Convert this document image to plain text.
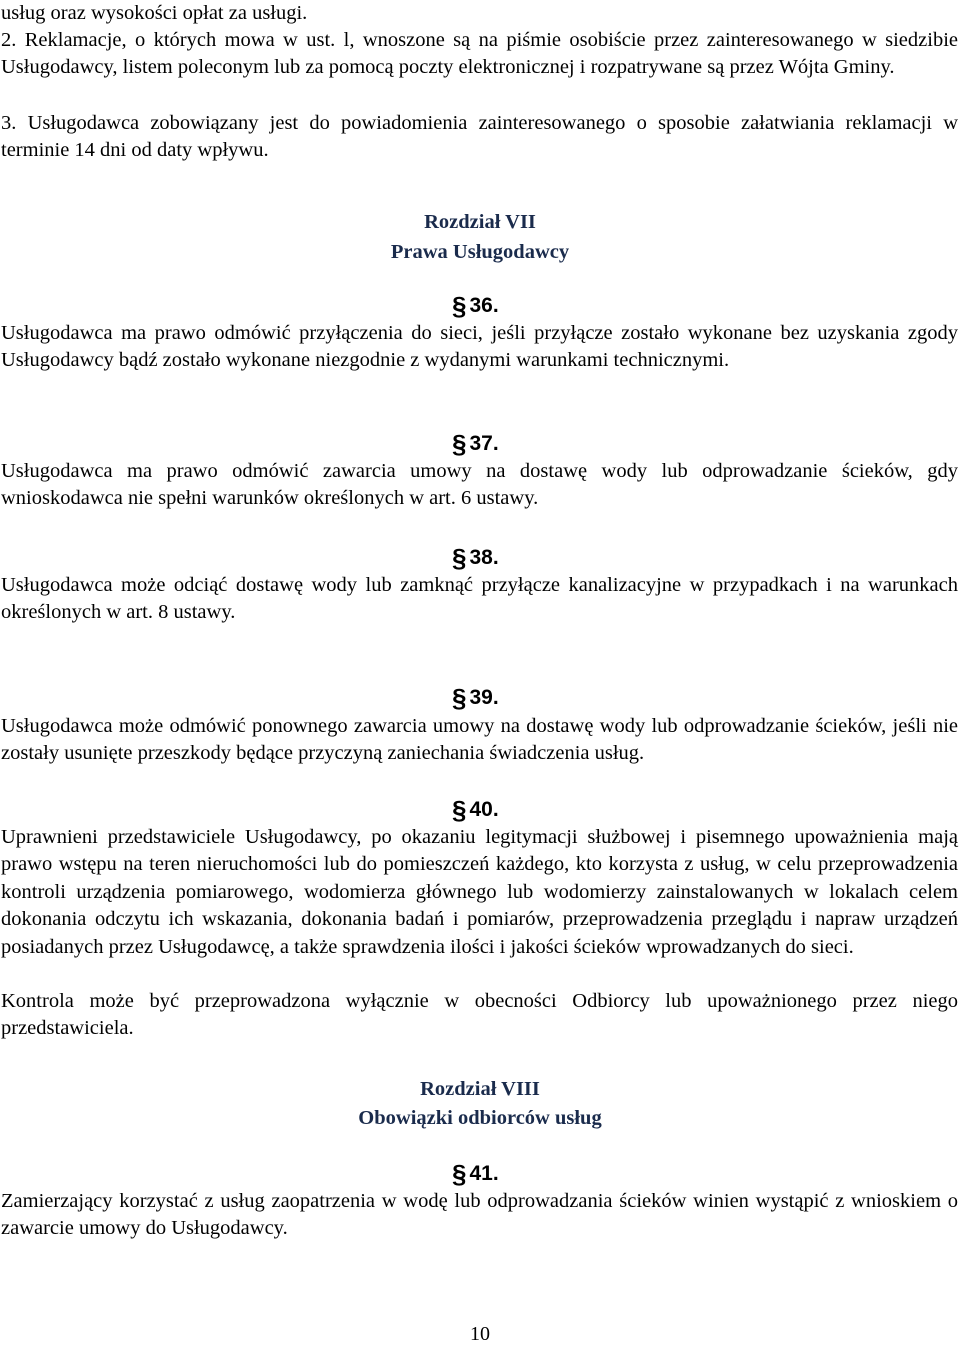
usług oraz wysokości opłat za usługi.

2. Reklamacje, o których mowa w ust. l, wnoszone są na piśmie osobiście przez zainteresowanego w siedzibie Usługodawcy, listem poleconym lub za pomocą poczty elektronicznej i rozpatrywane są przez Wójta Gminy.

3. Usługodawca zobowiązany jest do powiadomienia zainteresowanego o sposobie załatwiania reklamacji w terminie 14 dni od daty wpływu.

Rozdział VII
Prawa Usługodawcy
§ 36.

Usługodawca ma prawo odmówić przyłączenia do sieci, jeśli przyłącze zostało wykonane bez uzyskania zgody Usługodawcy bądź zostało wykonane niezgodnie z wydanymi warunkami technicznymi.

§ 37.

Usługodawca ma prawo odmówić zawarcia umowy na dostawę wody lub odprowadzanie ścieków, gdy wnioskodawca nie spełni warunków określonych w art. 6 ustawy.

§ 38.

Usługodawca może odciąć dostawę wody lub zamknąć przyłącze kanalizacyjne w przypadkach i na warunkach określonych w art. 8 ustawy.

§ 39.

Usługodawca może odmówić ponownego zawarcia umowy na dostawę wody lub odprowadzanie ścieków, jeśli nie zostały usunięte przeszkody będące przyczyną zaniechania świadczenia usług.

§ 40.

Uprawnieni przedstawiciele Usługodawcy, po okazaniu legitymacji służbowej i pisemnego upoważnienia mają prawo wstępu na teren nieruchomości lub do pomieszczeń każdego, kto korzysta z usług, w celu przeprowadzenia kontroli urządzenia pomiarowego, wodomierza głównego lub wodomierzy zainstalowanych w lokalach celem dokonania odczytu ich wskazania, dokonania badań i pomiarów, przeprowadzenia przeglądu i napraw urządzeń posiadanych przez Usługodawcę, a także sprawdzenia ilości i jakości ścieków wprowadzanych do sieci.

Kontrola może być przeprowadzona wyłącznie w obecności Odbiorcy lub upoważnionego przez niego przedstawiciela.

Rozdział VIII
Obowiązki odbiorców usług
§ 41.

Zamierzający korzystać z usług zaopatrzenia w wodę lub odprowadzania ścieków winien wystąpić z wnioskiem o zawarcie umowy do Usługodawcy.

10
